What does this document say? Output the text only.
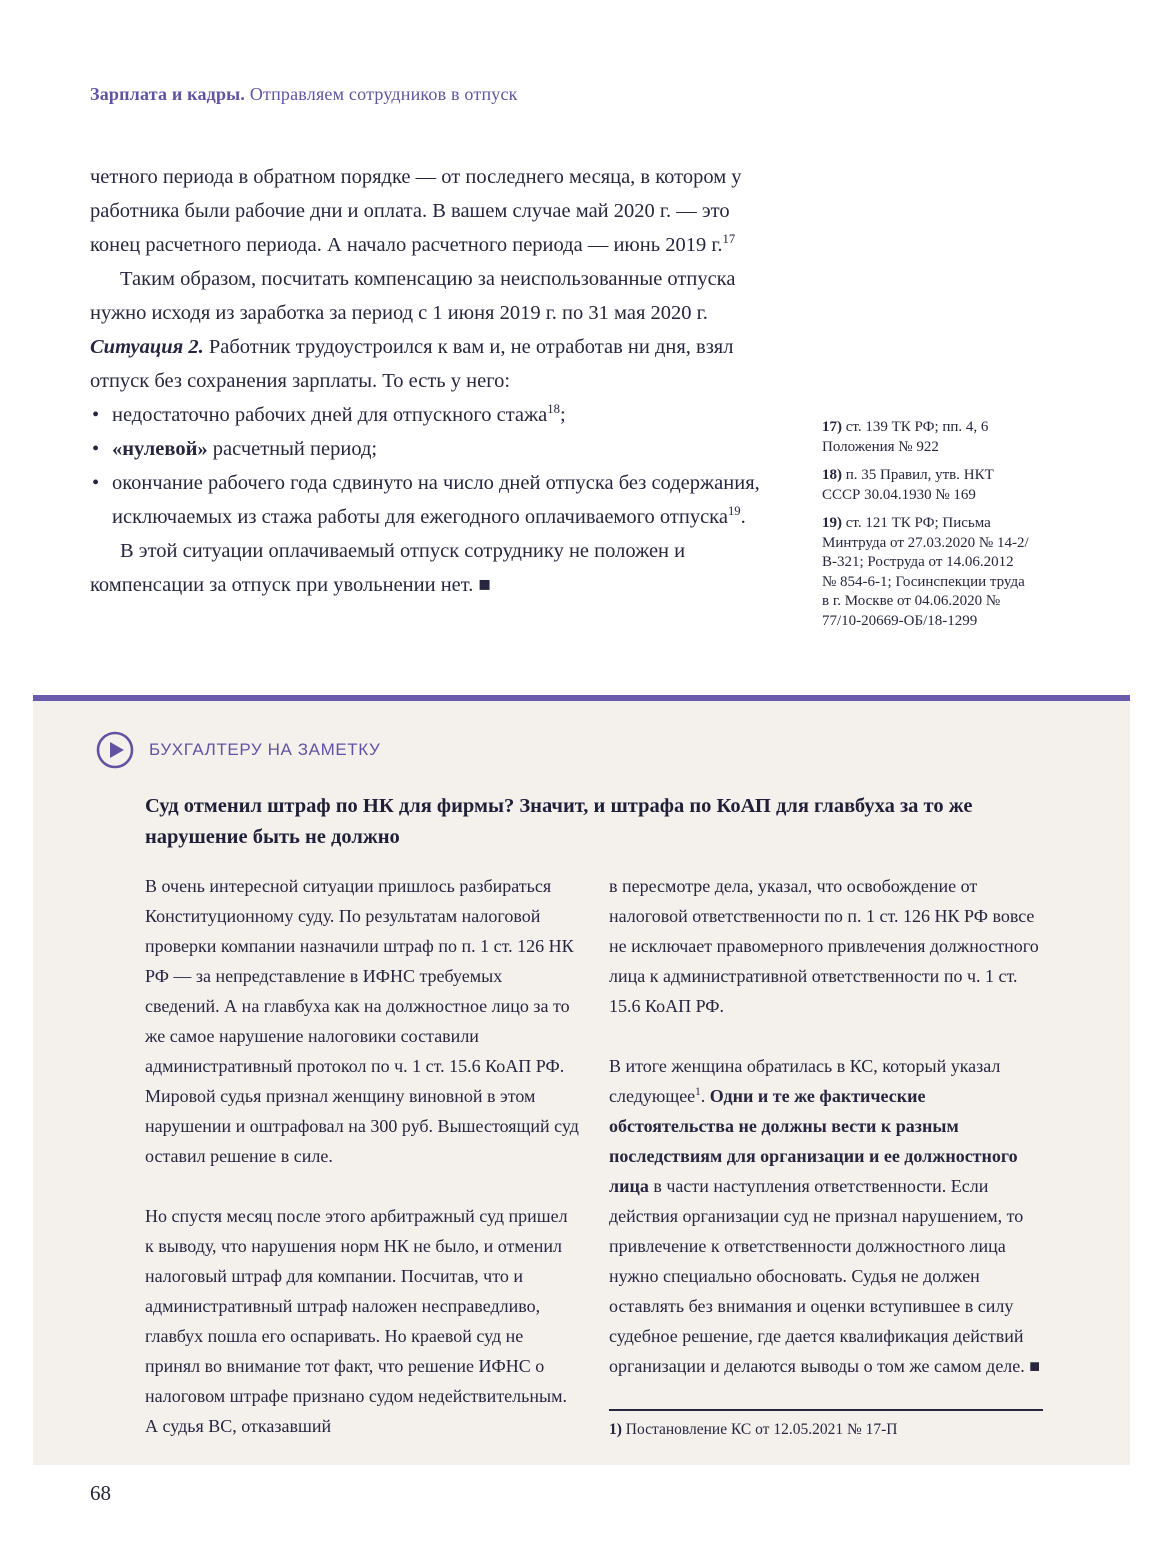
Зарплата и кадры. Отправляем сотрудников в отпуск

четного периода в обратном порядке — от последнего месяца, в котором у работника были рабочие дни и оплата. В вашем случае май 2020 г. — это конец расчетного периода. А начало расчетного периода — июнь 2019 г.$^{17}$

Таким образом, посчитать компенсацию за неиспользованные отпуска нужно исходя из заработка за период с 1 июня 2019 г. по 31 мая 2020 г.

Ситуация 2. Работник трудоустроился к вам и, не отработав ни дня, взял отпуск без сохранения зарплаты. То есть у него:

• недостаточно рабочих дней для отпускного стажа$^{18}$;
• «нулевой» расчетный период;
• окончание рабочего года сдвинуто на число дней отпуска без содержания, исключаемых из стажа работы для ежегодного оплачиваемого отпуска$^{19}$.

В этой ситуации оплачиваемый отпуск сотруднику не положен и компенсации за отпуск при увольнении нет. ■

17) ст. 139 ТК РФ; пп. 4, 6 Положения № 922
18) п. 35 Правил, утв. НКТ СССР 30.04.1930 № 169
19) ст. 121 ТК РФ; Письма Минтруда от 27.03.2020 № 14-2/В-321; Роструда от 14.06.2012 № 854-6-1; Госинспекции труда в г. Москве от 04.06.2020 № 77/10-20669-ОБ/18-1299
БУХГАЛТЕРУ НА ЗАМЕТКУ
Суд отменил штраф по НК для фирмы? Значит, и штрафа по КоАП для главбуха за то же нарушение быть не должно

В очень интересной ситуации пришлось разбираться Конституционному суду. По результатам налоговой проверки компании назначили штраф по п. 1 ст. 126 НК РФ — за непредставление в ИФНС требуемых сведений. А на главбуха как на должностное лицо за то же самое нарушение налоговики составили административный протокол по ч. 1 ст. 15.6 КоАП РФ. Мировой судья признал женщину виновной в этом нарушении и оштрафовал на 300 руб. Вышестоящий суд оставил решение в силе.

Но спустя месяц после этого арбитражный суд пришел к выводу, что нарушения норм НК не было, и отменил налоговый штраф для компании. Посчитав, что и административный штраф наложен несправедливо, главбух пошла его оспаривать. Но краевой суд не принял во внимание тот факт, что решение ИФНС о налоговом штрафе признано судом недействительным. А судья ВС, отказавший

в пересмотре дела, указал, что освобождение от налоговой ответственности по п. 1 ст. 126 НК РФ вовсе не исключает правомерного привлечения должностного лица к административной ответственности по ч. 1 ст. 15.6 КоАП РФ.

В итоге женщина обратилась в КС, который указал следующее$^1$. Одни и те же фактические обстоятельства не должны вести к разным последствиям для организации и ее должностного лица в части наступления ответственности. Если действия организации суд не признал нарушением, то привлечение к ответственности должностного лица нужно специально обосновать. Судья не должен оставлять без внимания и оценки вступившее в силу судебное решение, где дается квалификация действий организации и делаются выводы о том же самом деле. ■

1) Постановление КС от 12.05.2021 № 17-П
68
